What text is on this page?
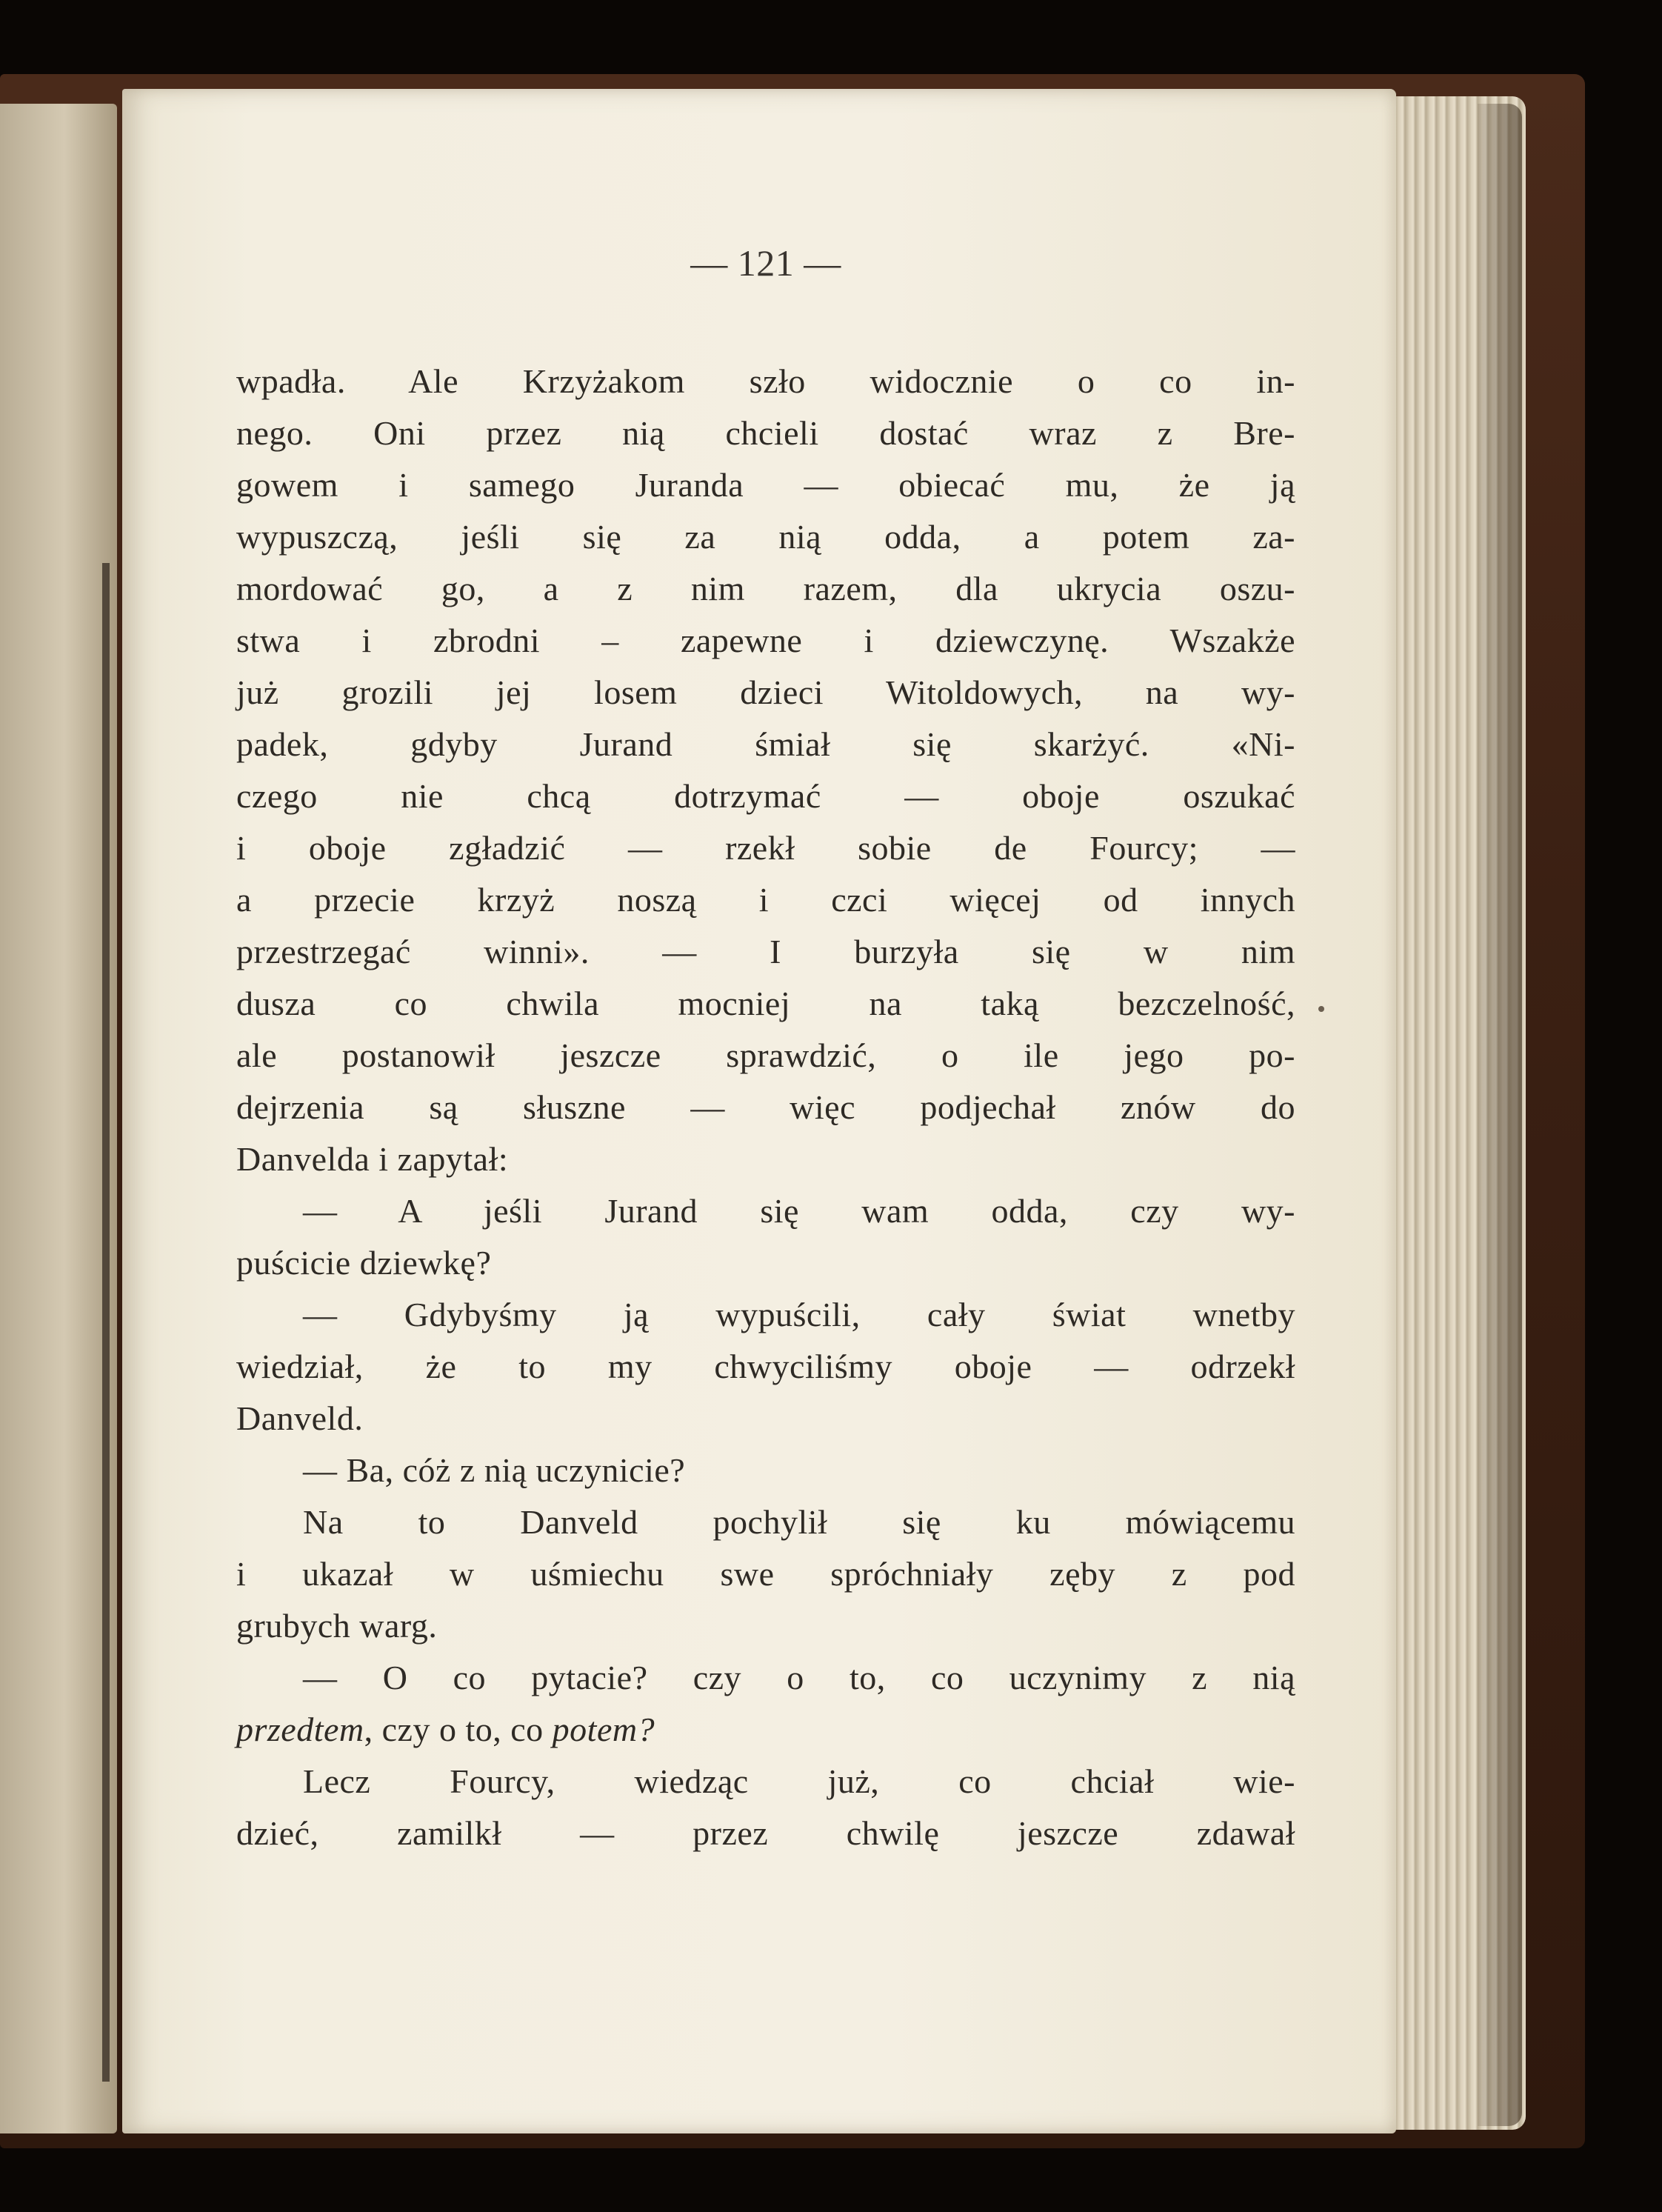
— 121 —
wpadła. Ale Krzyżakom szło widocznie o co in-
nego. Oni przez nią chcieli dostać wraz z Bre-
gowem i samego Juranda — obiecać mu, że ją
wypuszczą, jeśli się za nią odda, a potem za-
mordować go, a z nim razem, dla ukrycia oszu-
stwa i zbrodni – zapewne i dziewczynę. Wszakże
już grozili jej losem dzieci Witoldowych, na wy-
padek, gdyby Jurand śmiał się skarżyć. «Ni-
czego nie chcą dotrzymać — oboje oszukać
i oboje zgładzić — rzekł sobie de Fourcy; —
a przecie krzyż noszą i czci więcej od innych
przestrzegać winni». — I burzyła się w nim
dusza co chwila mocniej na taką bezczelność,
ale postanowił jeszcze sprawdzić, o ile jego po-
dejrzenia są słuszne — więc podjechał znów do
Danvelda i zapytał:
— A jeśli Jurand się wam odda, czy wy-
puścicie dziewkę?
— Gdybyśmy ją wypuścili, cały świat wnetby
wiedział, że to my chwyciliśmy oboje — odrzekł
Danveld.
— Ba, cóż z nią uczynicie?
Na to Danveld pochylił się ku mówiącemu
i ukazał w uśmiechu swe spróchniały zęby z pod
grubych warg.
— O co pytacie? czy o to, co uczynimy z nią
przedtem, czy o to, co potem?
Lecz Fourcy, wiedząc już, co chciał wie-
dzieć, zamilkł — przez chwilę jeszcze zdawał
